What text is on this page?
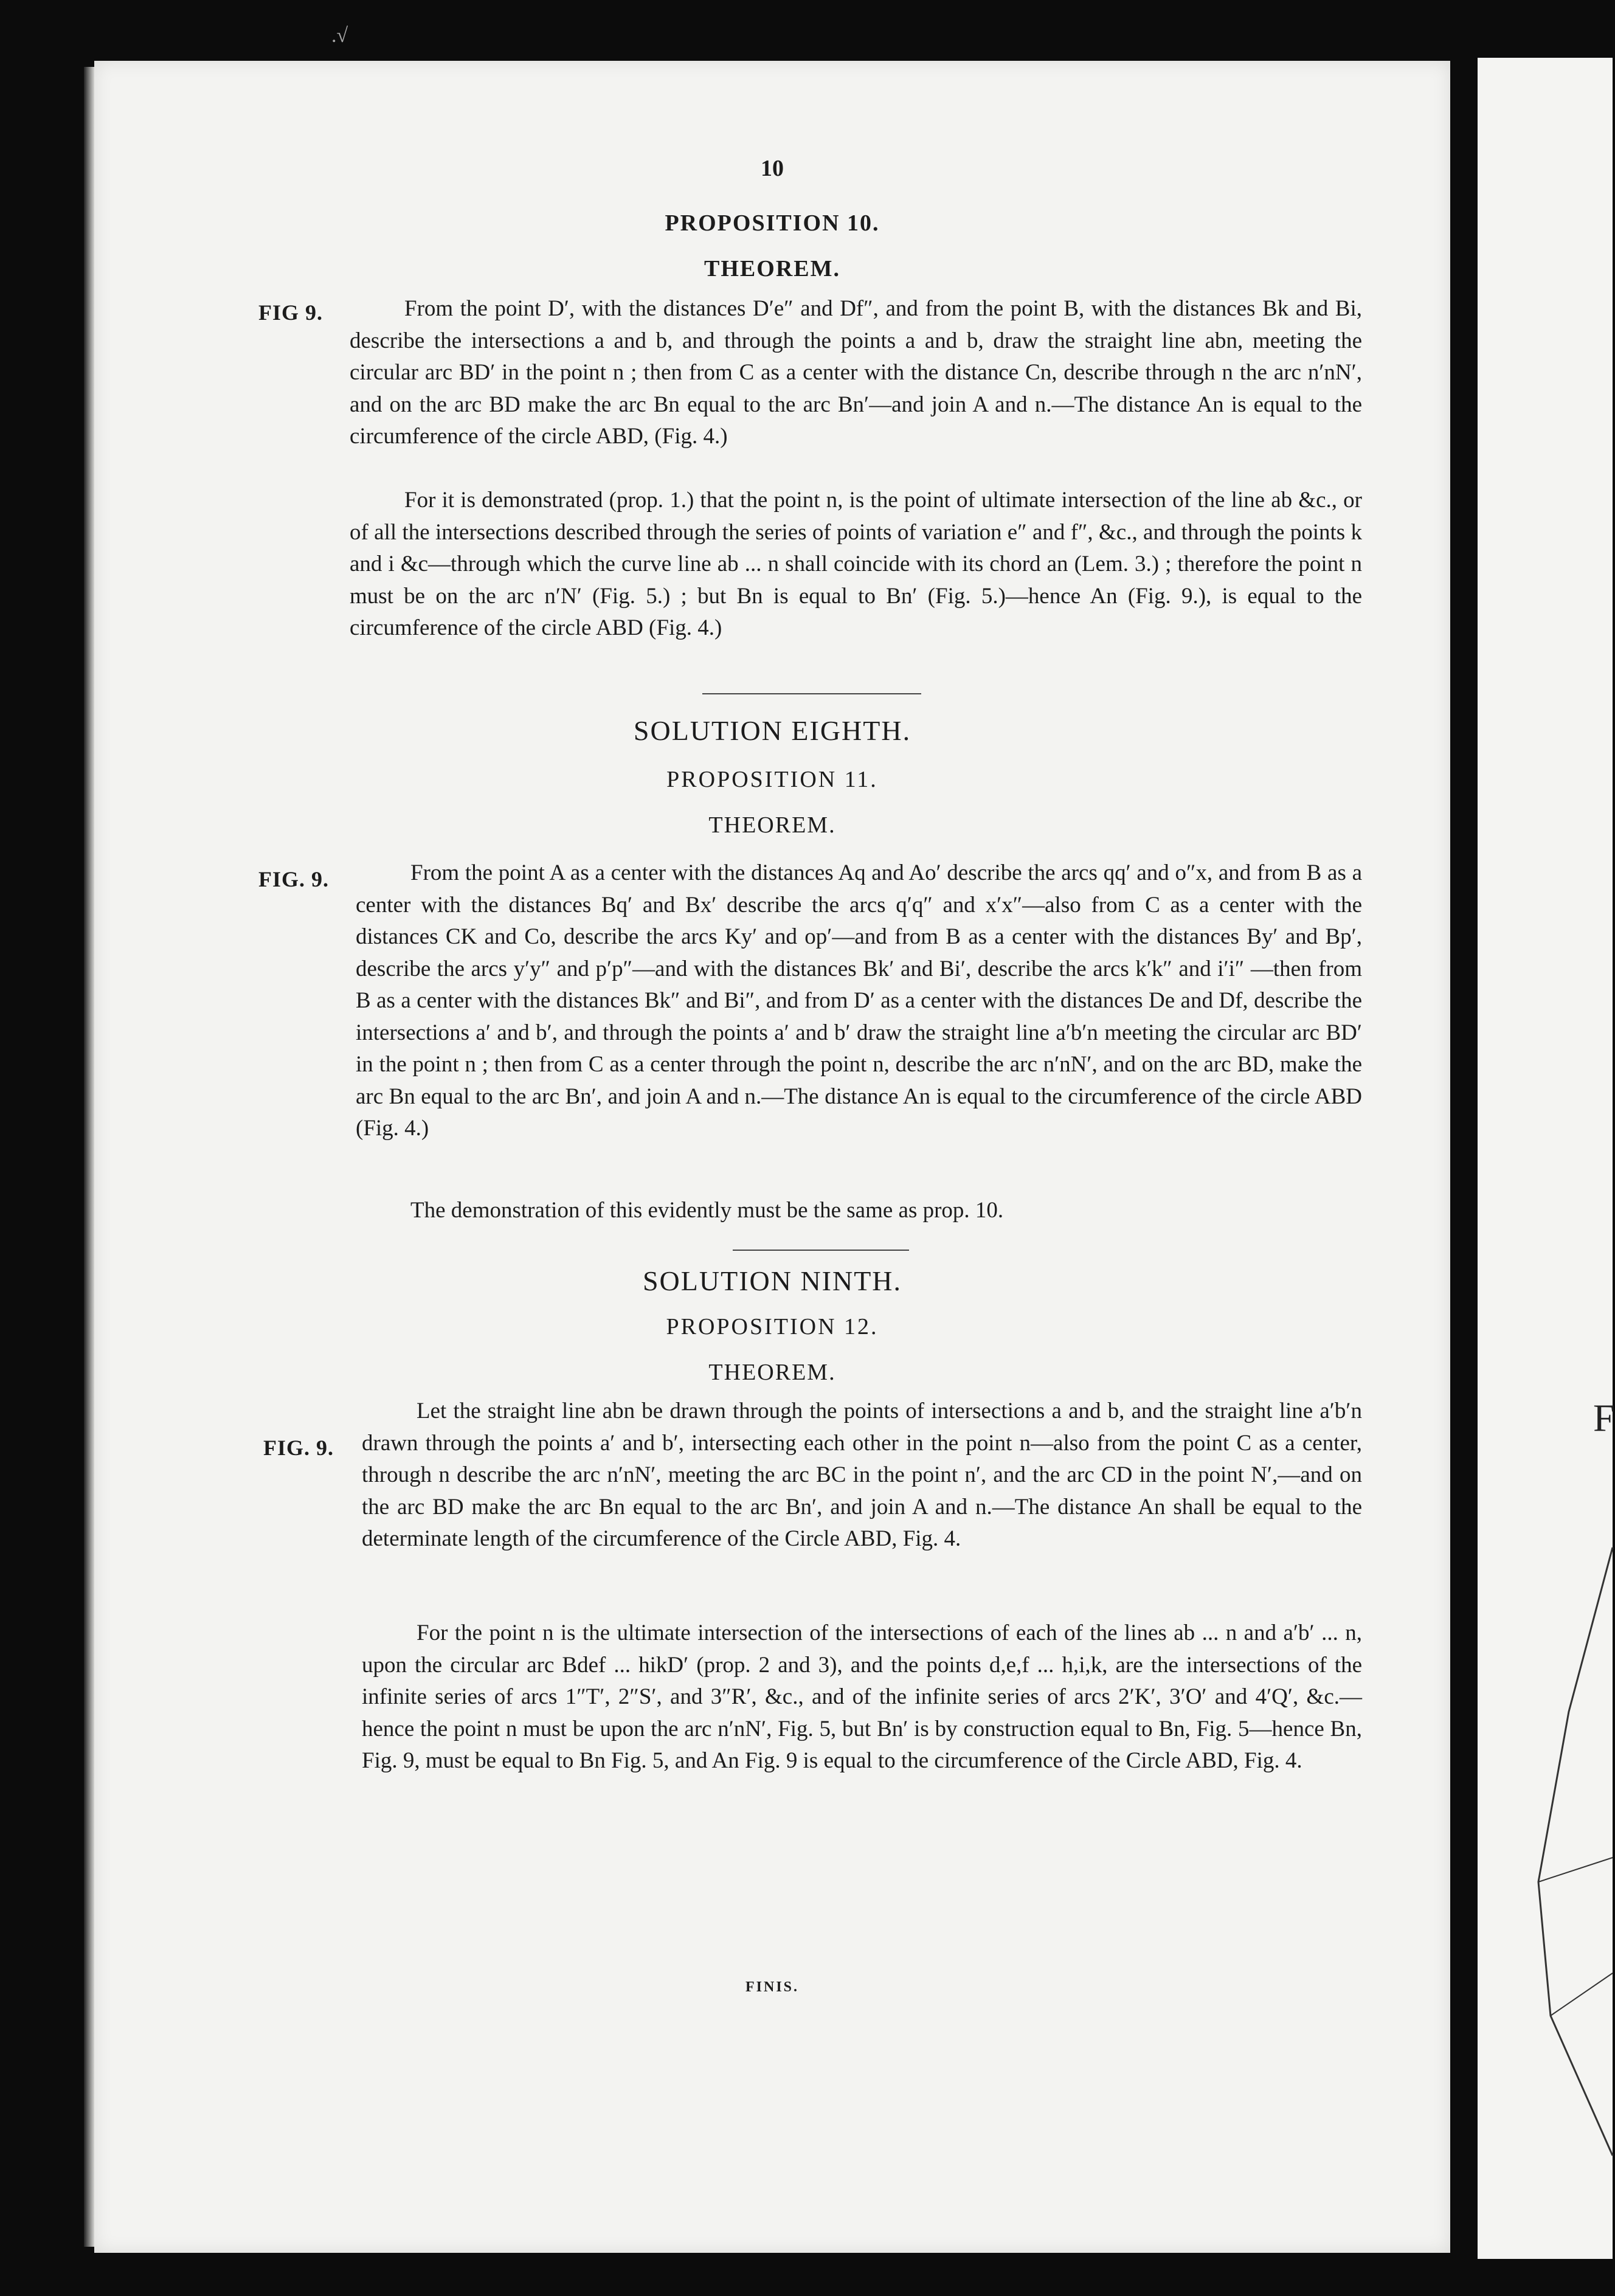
F
.√
10
PROPOSITION 10.
THEOREM.
FIG 9.	From the point D′, with the distances D′e″ and Df″, and from the point B, with the distances Bk and Bi, describe the intersections a and b, and through the points a and b, draw the straight line abn, meeting the circular arc BD′ in the point n ; then from C as a center with the distance Cn, describe through n the arc n′nN′, and on the arc BD make the arc Bn equal to the arc Bn′—and join A and n.—The distance An is equal to the circumference of the circle ABD, (Fig. 4.)
For it is demonstrated (prop. 1.) that the point n, is the point of ultimate intersection of the line ab &c., or of all the intersections described through the series of points of variation e″ and f″, &c., and through the points k and i &c—through which the curve line ab ... n shall coincide with its chord an (Lem. 3.) ; therefore the point n must be on the arc n′N′ (Fig. 5.) ; but Bn is equal to Bn′ (Fig. 5.)—hence An (Fig. 9.), is equal to the circumference of the circle ABD (Fig. 4.)
SOLUTION EIGHTH.
PROPOSITION 11.
THEOREM.
FIG. 9.	From the point A as a center with the distances Aq and Ao′ describe the arcs qq′ and o″x, and from B as a center with the distances Bq′ and Bx′ describe the arcs q′q″ and x′x″—also from C as a center with the distances CK and Co, describe the arcs Ky′ and op′—and from B as a center with the distances By′ and Bp′, describe the arcs y′y″ and p′p″—and with the distances Bk′ and Bi′, describe the arcs k′k″ and i′i″ —then from B as a center with the distances Bk″ and Bi″, and from D′ as a center with the distances De and Df, describe the intersections a′ and b′, and through the points a′ and b′ draw the straight line a′b′n meeting the circular arc BD′ in the point n ; then from C as a center through the point n, describe the arc n′nN′, and on the arc BD, make the arc Bn equal to the arc Bn′, and join A and n.—The distance An is equal to the circumference of the circle ABD (Fig. 4.)
The demonstration of this evidently must be the same as prop. 10.
SOLUTION NINTH.
PROPOSITION 12.
THEOREM.
FIG. 9.
Let the straight line abn be drawn through the points of intersections a and b, and the straight line a′b′n drawn through the points a′ and b′, intersecting each other in the point n—also from the point C as a center, through n describe the arc n′nN′, meeting the arc BC in the point n′, and the arc CD in the point N′,—and on the arc BD make the arc Bn equal to the arc Bn′, and join A and n.—The distance An shall be equal to the determinate length of the circumference of the Circle ABD, Fig. 4.
For the point n is the ultimate intersection of the intersections of each of the lines ab ... n and a′b′ ... n, upon the circular arc Bdef ... hikD′ (prop. 2 and 3), and the points d,e,f ... h,i,k, are the intersections of the infinite series of arcs 1″T′, 2″S′, and 3″R′, &c., and of the infinite series of arcs 2′K′, 3′O′ and 4′Q′, &c.—hence the point n must be upon the arc n′nN′, Fig. 5, but Bn′ is by construction equal to Bn, Fig. 5—hence Bn, Fig. 9, must be equal to Bn Fig. 5, and An Fig. 9 is equal to the circumference of the Circle ABD, Fig. 4.
FINIS.
